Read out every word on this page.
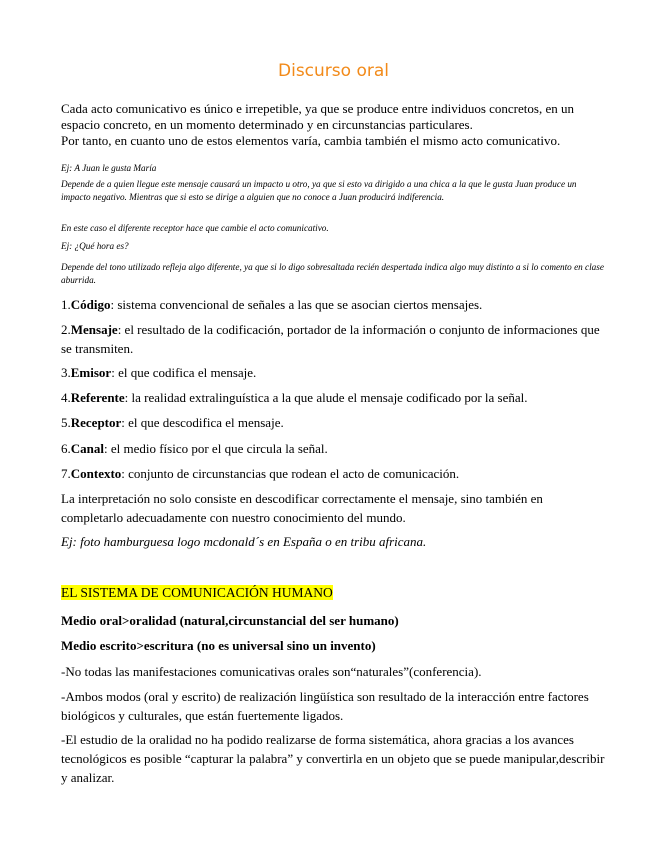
Discurso oral
Cada acto comunicativo es único e irrepetible, ya que se produce entre individuos concretos, en un espacio concreto, en un momento determinado y en circunstancias particulares.
Por tanto, en cuanto uno de estos elementos varía, cambia también el mismo acto comunicativo.

Ej: A Juan le gusta María

Depende de a quien llegue este mensaje causará un impacto u otro, ya que si esto va dirigido a una chica a la que le gusta Juan produce un impacto negativo. Mientras que si esto se dirige a alguien que no conoce a Juan producirá indiferencia.

En este caso el diferente receptor hace que cambie el acto comunicativo.

Ej: ¿Qué hora es?

Depende del tono utilizado refleja algo diferente, ya que si lo digo sobresaltada recién despertada indica algo muy distinto a si lo comento en clase aburrida.

1.Código: sistema convencional de señales a las que se asocian ciertos mensajes.

2.Mensaje: el resultado de la codificación, portador de la información o conjunto de informaciones que se transmiten.

3.Emisor: el que codifica el mensaje.

4.Referente: la realidad extralinguística a la que alude el mensaje codificado por la señal.

5.Receptor: el que descodifica el mensaje.

6.Canal: el medio físico por el que circula la señal.

7.Contexto: conjunto de circunstancias que rodean el acto de comunicación.

La interpretación no solo consiste en descodificar correctamente el mensaje, sino también en completarlo adecuadamente con nuestro conocimiento del mundo.

Ej: foto hamburguesa logo mcdonald´s en España o en tribu africana.

EL SISTEMA DE COMUNICACIÓN HUMANO

Medio oral>oralidad (natural,circunstancial del ser humano)

Medio escrito>escritura (no es universal sino un invento)

-No todas las manifestaciones comunicativas orales son“naturales”(conferencia).

-Ambos modos (oral y escrito) de realización lingüística son resultado de la interacción entre factores biológicos y culturales, que están fuertemente ligados.

-El estudio de la oralidad no ha podido realizarse de forma sistemática, ahora gracias a los avances tecnológicos es posible “capturar la palabra” y convertirla en un objeto que se puede manipular,describir y analizar.
